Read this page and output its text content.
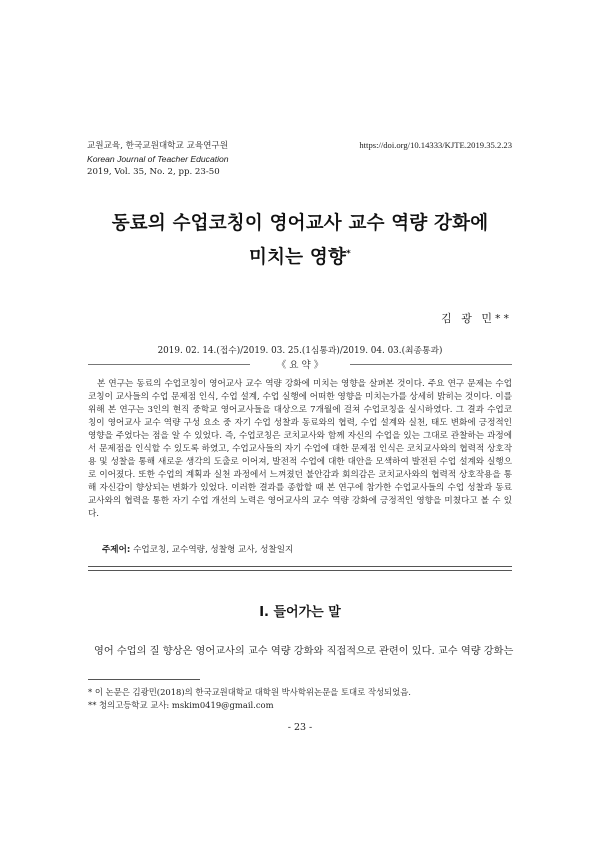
교원교육, 한국교원대학교 교육연구원
Korean Journal of Teacher Education
2019, Vol. 35, No. 2, pp. 23-50
https://doi.org/10.14333/KJTE.2019.35.2.23
동료의 수업코칭이 영어교사 교수 역량 강화에
미치는 영향*
김 광 민**
2019. 02. 14.(접수)/2019. 03. 25.(1심통과)/2019. 04. 03.(최종통과)
《 요 약 》
본 연구는 동료의 수업코칭이 영어교사 교수 역량 강화에 미치는 영향을 살펴본 것이다. 주요 연구 문제는 수업코칭이 교사들의 수업 문제점 인식, 수업 설계, 수업 실행에 어떠한 영향을 미치는가를 상세히 밝히는 것이다. 이를 위해 본 연구는 3인의 현직 중학교 영어교사들을 대상으로 7개월에 걸쳐 수업코칭을 실시하였다. 그 결과 수업코칭이 영어교사 교수 역량 구성 요소 중 자기 수업 성찰과 동료와의 협력, 수업 설계와 실천, 태도 변화에 긍정적인 영향을 주었다는 점을 알 수 있었다. 즉, 수업코칭은 코치교사와 함께 자신의 수업을 있는 그대로 관찰하는 과정에서 문제점을 인식할 수 있도록 하였고, 수업교사들의 자기 수업에 대한 문제점 인식은 코치교사와의 협력적 상호작용 및 성찰을 통해 새로운 생각의 도출로 이어져, 발전적 수업에 대한 대안을 모색하여 발전된 수업 설계와 실행으로 이어졌다. 또한 수업의 계획과 실천 과정에서 느껴졌던 불안감과 회의감은 코치교사와의 협력적 상호작용을 통해 자신감이 향상되는 변화가 있었다. 이러한 결과를 종합할 때 본 연구에 참가한 수업교사들의 수업 성찰과 동료교사와의 협력을 통한 자기 수업 개선의 노력은 영어교사의 교수 역량 강화에 긍정적인 영향을 미쳤다고 볼 수 있다.
주제어: 수업코칭, 교수역량, 성찰형 교사, 성찰일지
Ⅰ. 들어가는 말
영어 수업의 질 향상은 영어교사의 교수 역량 강화와 직접적으로 관련이 있다. 교수 역량 강화는
* 이 논문은 김광민(2018)의 한국교원대학교 대학원 박사학위논문을 토대로 작성되었음.
** 청의고등학교 교사: mskim0419@gmail.com
- 23 -
